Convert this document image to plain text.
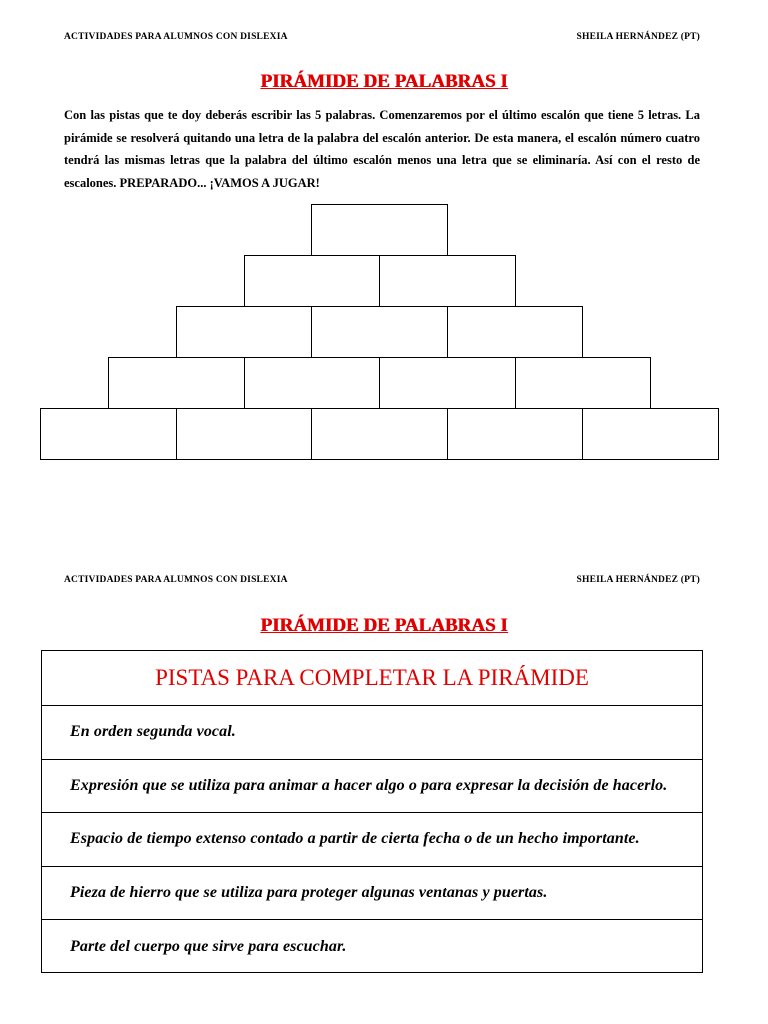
ACTIVIDADES PARA ALUMNOS CON DISLEXIA	SHEILA HERNÁNDEZ (PT)
PIRÁMIDE DE PALABRAS I
Con las pistas que te doy deberás escribir las 5 palabras. Comenzaremos por el último escalón que tiene 5 letras. La pirámide se resolverá quitando una letra de la palabra del escalón anterior. De esta manera, el escalón número cuatro tendrá las mismas letras que la palabra del último escalón menos una letra que se eliminaría. Así con el resto de escalones. PREPARADO... ¡VAMOS A JUGAR!
ACTIVIDADES PARA ALUMNOS CON DISLEXIA	SHEILA HERNÁNDEZ (PT)
PIRÁMIDE DE PALABRAS I
PISTAS PARA COMPLETAR LA PIRÁMIDE
En orden segunda vocal.
Expresión que se utiliza para animar a hacer algo o para expresar la decisión de hacerlo.
Espacio de tiempo extenso contado a partir de cierta fecha o de un hecho importante.
Pieza de hierro que se utiliza para proteger algunas ventanas y puertas.
Parte del cuerpo que sirve para escuchar.
